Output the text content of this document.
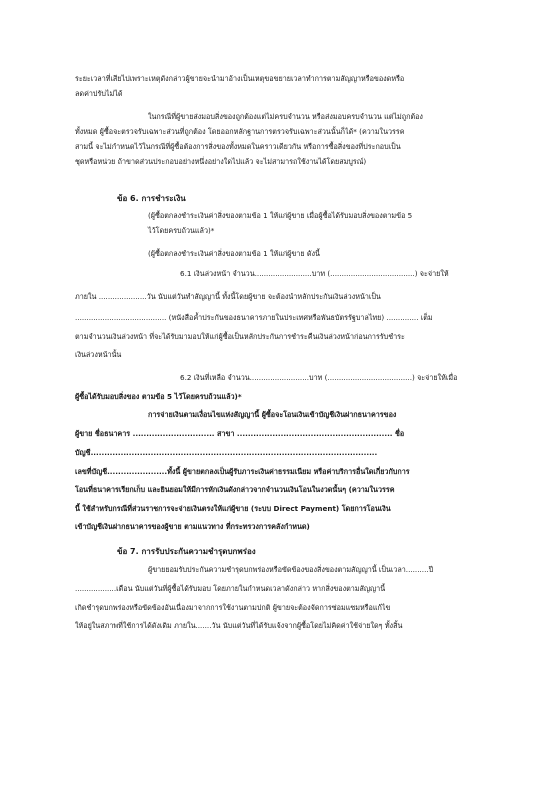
ระยะเวลาที่เสียไปเพราะเหตุดังกล่าวผู้ขายจะนำมาอ้างเป็นเหตุขอขยายเวลาทำการตามสัญญาหรือของดหรือ
ลดค่าปรับไม่ได้
ในกรณีที่ผู้ขายส่งมอบสิ่งของถูกต้องแต่ไม่ครบจำนวน หรือส่งมอบครบจำนวน แต่ไม่ถูกต้อง
ทั้งหมด ผู้ซื้อจะตรวจรับเฉพาะส่วนที่ถูกต้อง โดยออกหลักฐานการตรวจรับเฉพาะส่วนนั้นก็ได้* (ความในวรรค
สามนี้ จะไม่กำหนดไว้ในกรณีที่ผู้ซื้อต้องการสิ่งของทั้งหมดในคราวเดียวกัน หรือการซื้อสิ่งของที่ประกอบเป็น
ชุดหรือหน่วย ถ้าขาดส่วนประกอบอย่างหนึ่งอย่างใดไปแล้ว จะไม่สามารถใช้งานได้โดยสมบูรณ์)
ข้อ 6. การชำระเงิน
(ผู้ซื้อตกลงชำระเงินค่าสิ่งของตามข้อ 1 ให้แก่ผู้ขาย เมื่อผู้ซื้อได้รับมอบสิ่งของตามข้อ 5
ไว้โดยครบถ้วนแล้ว)*
(ผู้ซื้อตกลงชำระเงินค่าสิ่งของตามข้อ 1 ให้แก่ผู้ขาย ดังนี้
6.1 เงินล่วงหน้า จำนวน.........................บาท (.....................................) จะจ่ายให้
ภายใน .....................วัน นับแต่วันทำสัญญานี้ ทั้งนี้โดยผู้ขาย จะต้องนำหลักประกันเงินล่วงหน้าเป็น
........................................ (หนังสือค้ำประกันของธนาคารภายในประเทศหรือพันธบัตรรัฐบาลไทย) .............. เต็ม
ตามจำนวนเงินล่วงหน้า ที่จะได้รับมามอบให้แก่ผู้ซื้อเป็นหลักประกันการชำระคืนเงินล่วงหน้าก่อนการรับชำระ
เงินล่วงหน้านั้น
6.2 เงินที่เหลือ จำนวน..........................บาท (.....................................) จะจ่ายให้เมื่อ
ผู้ซื้อได้รับมอบสิ่งของ ตามข้อ 5 ไว้โดยครบถ้วนแล้ว)*
การจ่ายเงินตามเงื่อนไขแห่งสัญญานี้ ผู้ซื้อจะโอนเงินเข้าบัญชีเงินฝากธนาคารของ
ผู้ขาย ชื่อธนาคาร .............................. สาขา ......................................................... ชื่อ
บัญชี.........................................................................................................
เลขที่บัญชี......................ทั้งนี้ ผู้ขายตกลงเป็นผู้รับภาระเงินค่าธรรมเนียม หรือค่าบริการอื่นใดเกี่ยวกับการ
โอนที่ธนาคารเรียกเก็บ และยินยอมให้มีการหักเงินดังกล่าวจากจำนวนเงินโอนในงวดนั้นๆ (ความในวรรค
นี้ ใช้สำหรับกรณีที่ส่วนราชการจะจ่ายเงินตรงให้แก่ผู้ขาย (ระบบ Direct Payment) โดยการโอนเงิน
เข้าบัญชีเงินฝากธนาคารของผู้ขาย ตามแนวทาง ที่กระทรวงการคลังกำหนด)
ข้อ 7. การรับประกันความชำรุดบกพร่อง
ผู้ขายยอมรับประกันความชำรุดบกพร่องหรือขัดข้องของสิ่งของตามสัญญานี้ เป็นเวลา..........ปี
..................เดือน นับแต่วันที่ผู้ซื้อได้รับมอบ โดยภายในกำหนดเวลาดังกล่าว หากสิ่งของตามสัญญานี้
เกิดชำรุดบกพร่องหรือขัดข้องอันเนื่องมาจากการใช้งานตามปกติ ผู้ขายจะต้องจัดการซ่อมแซมหรือแก้ไข
ให้อยู่ในสภาพที่ใช้การได้ดังเดิม ภายใน.......วัน นับแต่วันที่ได้รับแจ้งจากผู้ซื้อโดยไม่คิดค่าใช้จ่ายใดๆ ทั้งสิ้น
